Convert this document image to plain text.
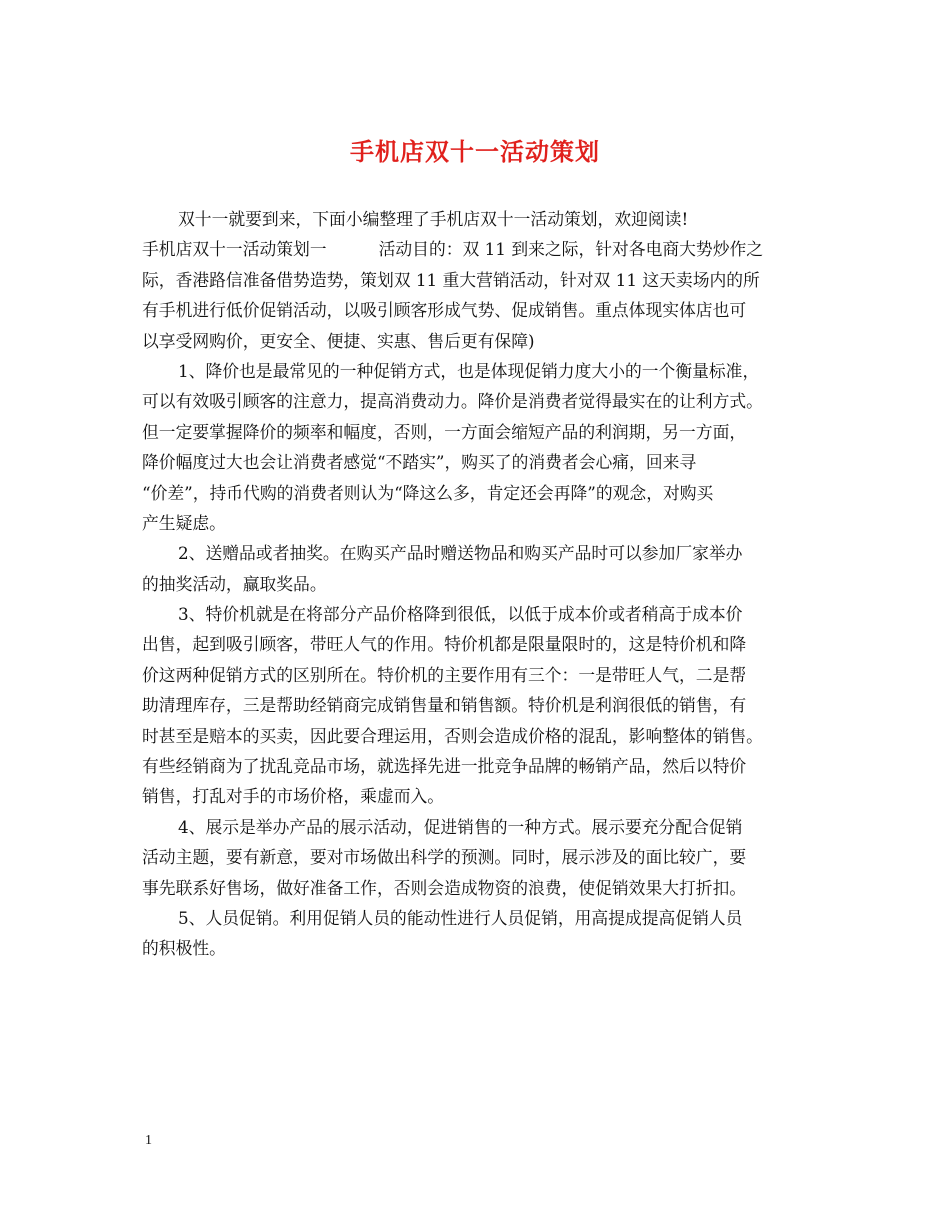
手机店双十一活动策划
双十一就要到来，下面小编整理了手机店双十一活动策划，欢迎阅读!
手机店双十一活动策划一	活动目的：双 11 到来之际，针对各电商大势炒作之
际，香港路信准备借势造势，策划双 11 重大营销活动，针对双 11 这天卖场内的所
有手机进行低价促销活动，以吸引顾客形成气势、促成销售。重点体现实体店也可
以享受网购价，更安全、便捷、实惠、售后更有保障)
1、降价也是最常见的一种促销方式，也是体现促销力度大小的一个衡量标准，
可以有效吸引顾客的注意力，提高消费动力。降价是消费者觉得最实在的让利方式。
但一定要掌握降价的频率和幅度，否则，一方面会缩短产品的利润期，另一方面，
降价幅度过大也会让消费者感觉“不踏实”，购买了的消费者会心痛，回来寻
“价差”，持币代购的消费者则认为“降这么多，肯定还会再降”的观念，对购买
产生疑虑。
2、送赠品或者抽奖。在购买产品时赠送物品和购买产品时可以参加厂家举办
的抽奖活动，赢取奖品。
3、特价机就是在将部分产品价格降到很低，以低于成本价或者稍高于成本价
出售，起到吸引顾客，带旺人气的作用。特价机都是限量限时的，这是特价机和降
价这两种促销方式的区别所在。特价机的主要作用有三个：一是带旺人气，二是帮
助清理库存，三是帮助经销商完成销售量和销售额。特价机是利润很低的销售，有
时甚至是赔本的买卖，因此要合理运用，否则会造成价格的混乱，影响整体的销售。
有些经销商为了扰乱竞品市场，就选择先进一批竞争品牌的畅销产品，然后以特价
销售，打乱对手的市场价格，乘虚而入。
4、展示是举办产品的展示活动，促进销售的一种方式。展示要充分配合促销
活动主题，要有新意，要对市场做出科学的预测。同时，展示涉及的面比较广，要
事先联系好售场，做好准备工作，否则会造成物资的浪费，使促销效果大打折扣。
5、人员促销。利用促销人员的能动性进行人员促销，用高提成提高促销人员
的积极性。
1
